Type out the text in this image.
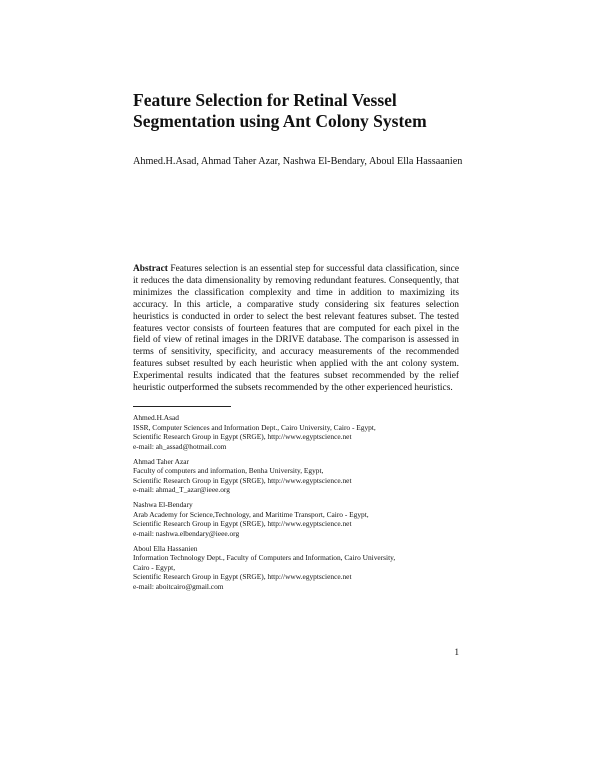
Feature Selection for Retinal Vessel
Segmentation using Ant Colony System
Ahmed.H.Asad, Ahmad Taher Azar, Nashwa El-Bendary, Aboul Ella Hassaanien
Abstract Features selection is an essential step for successful data classification, since it reduces the data dimensionality by removing redundant features. Consequently, that minimizes the classification complexity and time in addition to maximizing its accuracy. In this article, a comparative study considering six features selection heuristics is conducted in order to select the best relevant features subset. The tested features vector consists of fourteen features that are computed for each pixel in the field of view of retinal images in the DRIVE database. The comparison is assessed in terms of sensitivity, specificity, and accuracy measurements of the recommended features subset resulted by each heuristic when applied with the ant colony system. Experimental results indicated that the features subset recommended by the relief heuristic outperformed the subsets recommended by the other experienced heuristics.
Ahmed.H.Asad
ISSR, Computer Sciences and Information Dept., Cairo University, Cairo - Egypt,
Scientific Research Group in Egypt (SRGE), http://www.egyptscience.net
e-mail: ah_assad@hotmail.com
Ahmad Taher Azar
Faculty of computers and information, Benha University, Egypt,
Scientific Research Group in Egypt (SRGE), http://www.egyptscience.net
e-mail: ahmad_T_azar@ieee.org
Nashwa El-Bendary
Arab Academy for Science,Technology, and Maritime Transport, Cairo - Egypt,
Scientific Research Group in Egypt (SRGE), http://www.egyptscience.net
e-mail: nashwa.elbendary@ieee.org
Aboul Ella Hassanien
Information Technology Dept., Faculty of Computers and Information, Cairo University,
Cairo - Egypt,
Scientific Research Group in Egypt (SRGE), http://www.egyptscience.net
e-mail: aboitcairo@gmail.com
1
